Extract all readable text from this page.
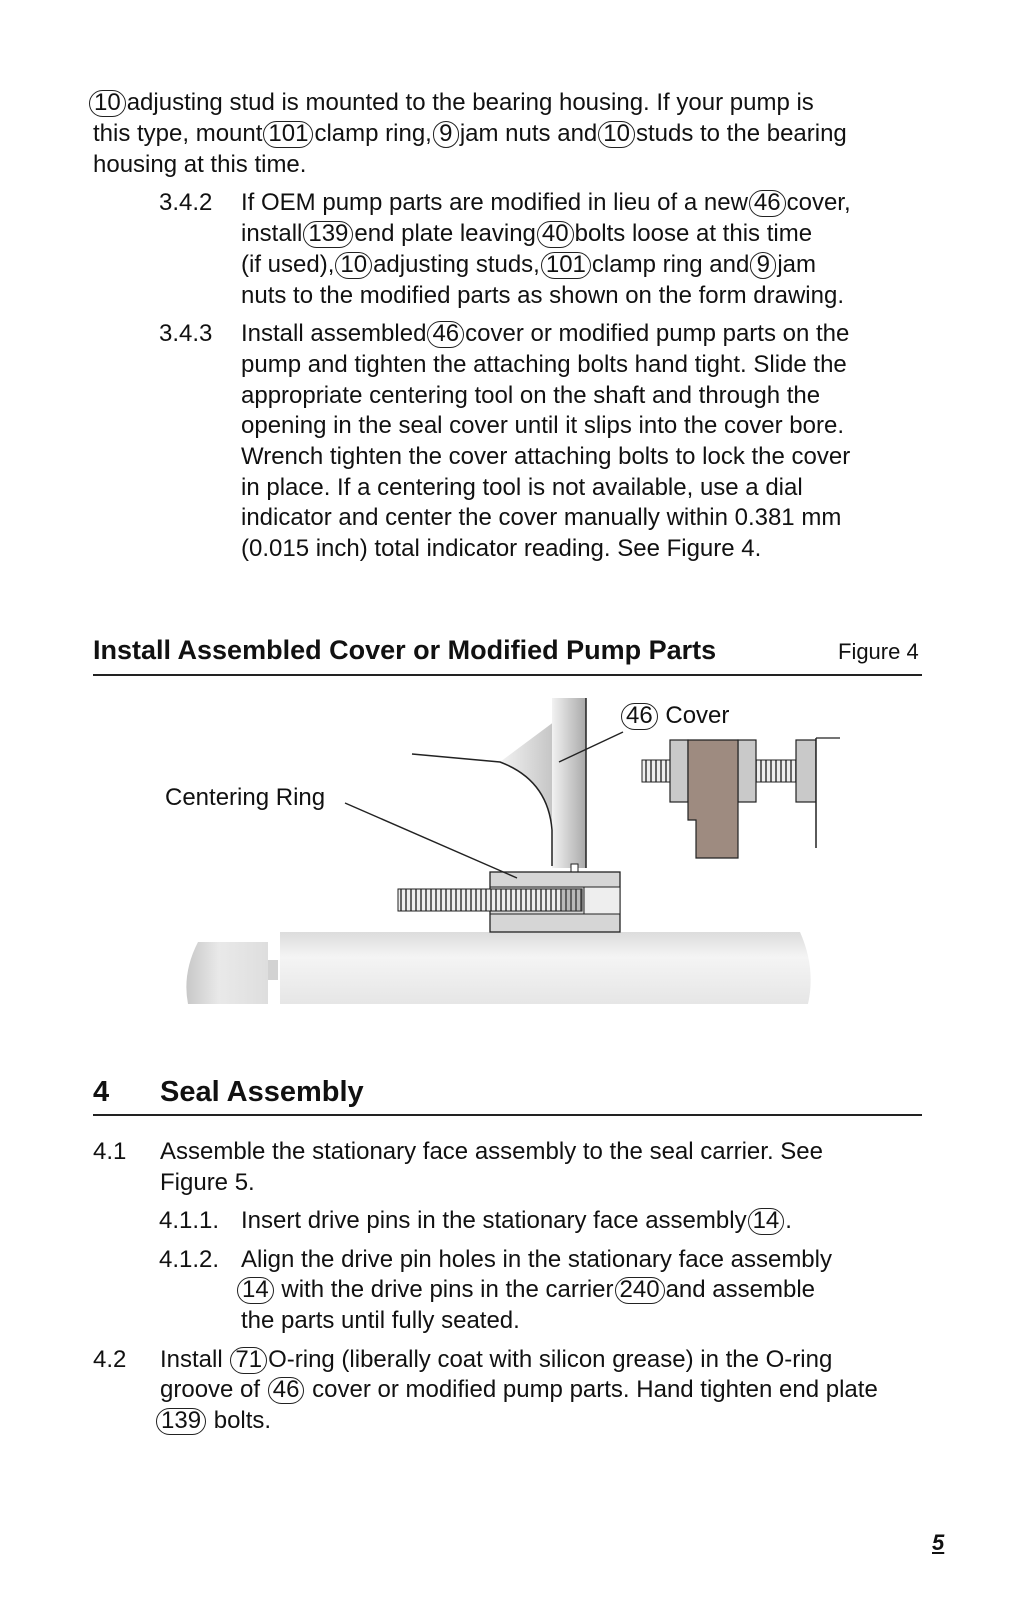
10 adjusting stud is mounted to the bearing housing. If your pump is
this type, mount 101 clamp ring, 9 jam nuts and 10 studs to the bearing
housing at this time.
3.4.2 If OEM pump parts are modified in lieu of a new 46 cover,
install 139 end plate leaving 40 bolts loose at this time
(if used), 10 adjusting studs, 101 clamp ring and 9 jam
nuts to the modified parts as shown on the form drawing.
3.4.3 Install assembled 46 cover or modified pump parts on the
pump and tighten the attaching bolts hand tight. Slide the
appropriate centering tool on the shaft and through the
opening in the seal cover until it slips into the cover bore.
Wrench tighten the cover attaching bolts to lock the cover
in place. If a centering tool is not available, use a dial
indicator and center the cover manually within 0.381 mm
(0.015 inch) total indicator reading. See Figure 4.
Install Assembled Cover or Modified Pump Parts	Figure 4
46 Cover
Centering Ring
4 Seal Assembly
4.1 Assemble the stationary face assembly to the seal carrier. See
Figure 5.
4.1.1. Insert drive pins in the stationary face assembly 14 .
4.1.2. Align the drive pin holes in the stationary face assembly
14 with the drive pins in the carrier 240 and assemble
the parts until fully seated.
4.2 Install 71 O-ring (liberally coat with silicon grease) in the O-ring
groove of 46 cover or modified pump parts. Hand tighten end plate
139 bolts.
5
